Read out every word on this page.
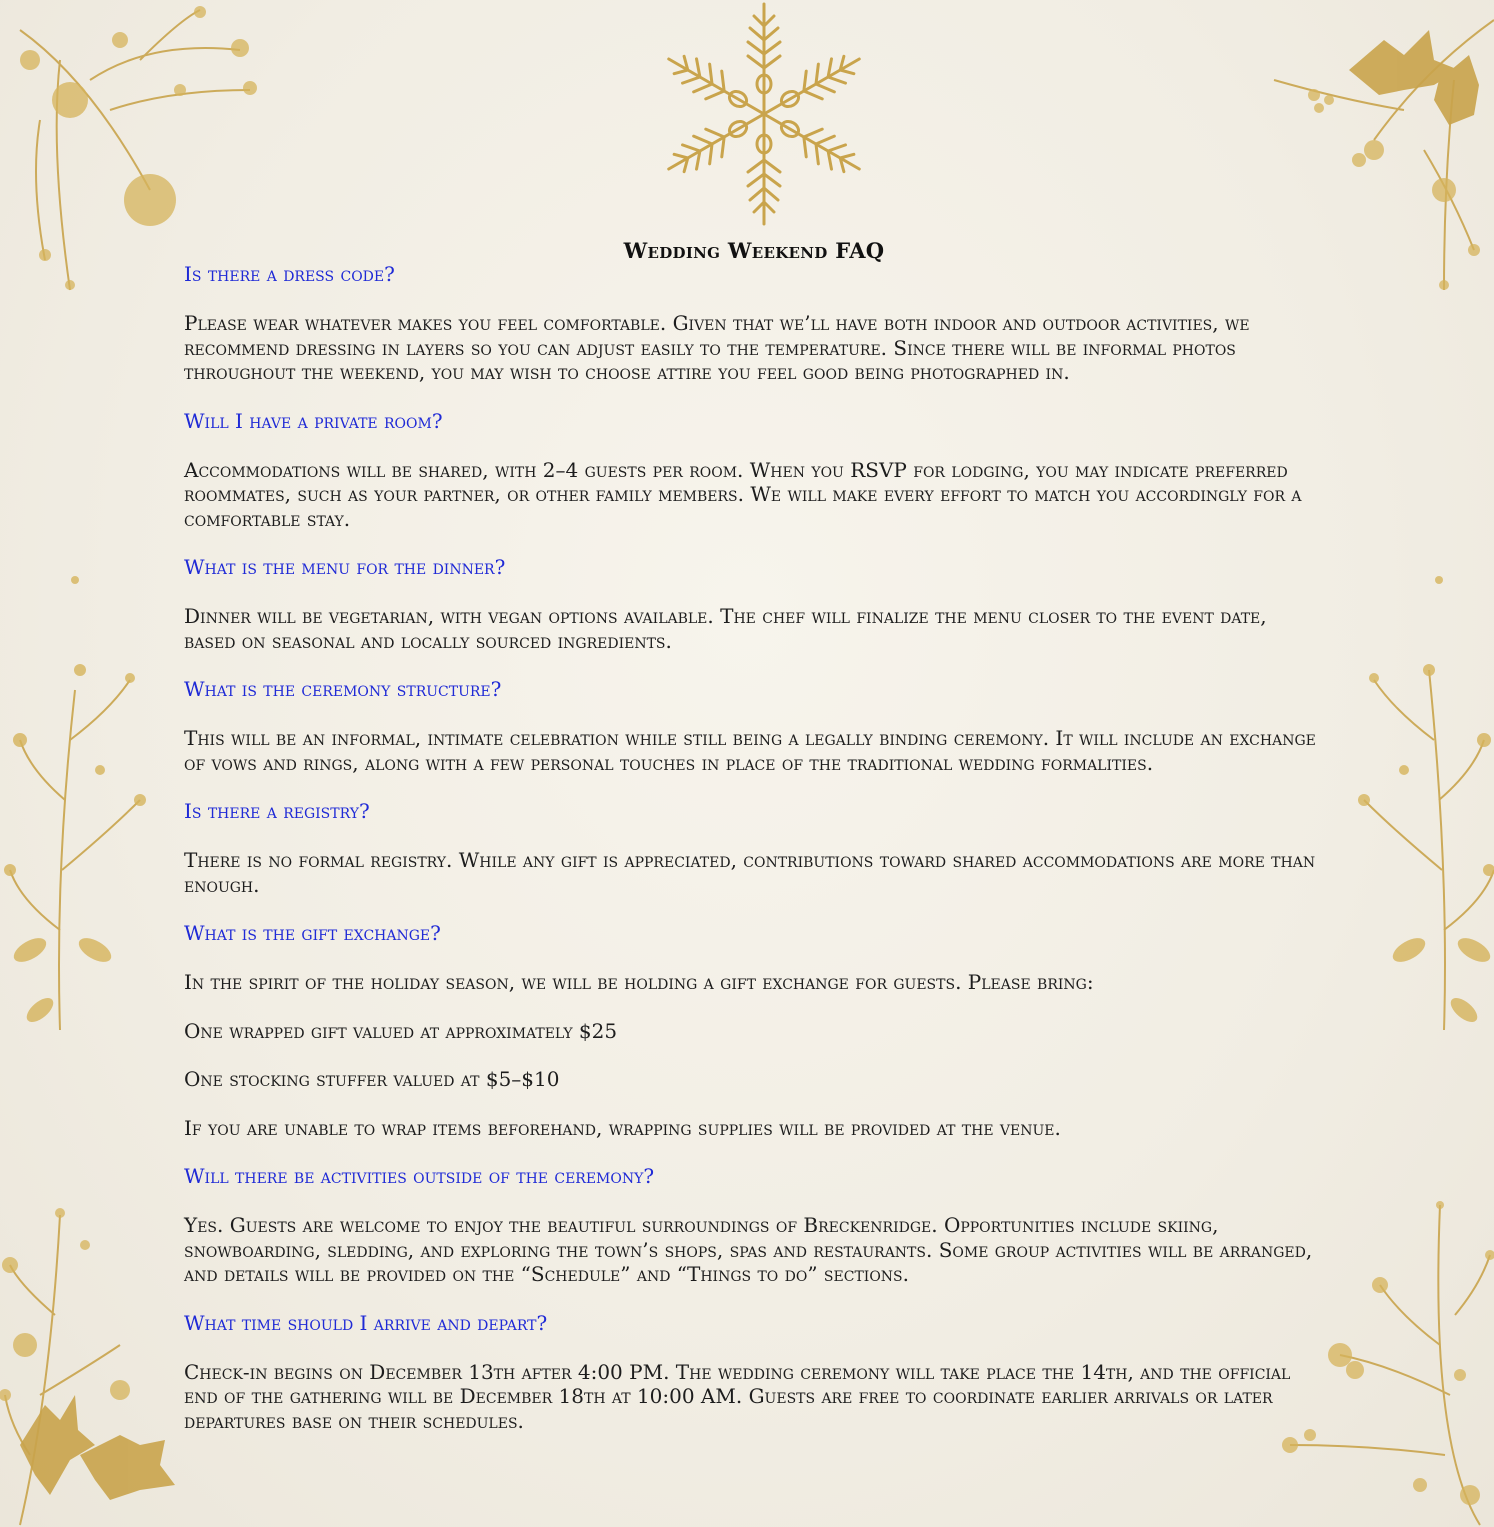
Wedding Weekend FAQ
Is there a dress code?

Please wear whatever makes you feel comfortable. Given that we’ll have both indoor and outdoor activities, we recommend dressing in layers so you can adjust easily to the temperature. Since there will be informal photos throughout the weekend, you may wish to choose attire you feel good being photographed in.

Will I have a private room?

Accommodations will be shared, with 2–4 guests per room. When you RSVP for lodging, you may indicate preferred roommates, such as your partner, or other family members. We will make every effort to match you accordingly for a comfortable stay.

What is the menu for the dinner?

Dinner will be vegetarian, with vegan options available. The chef will finalize the menu closer to the event date, based on seasonal and locally sourced ingredients.

What is the ceremony structure?

This will be an informal, intimate celebration while still being a legally binding ceremony. It will include an exchange of vows and rings, along with a few personal touches in place of the traditional wedding formalities.

Is there a registry?

There is no formal registry. While any gift is appreciated, contributions toward shared accommodations are more than enough.

What is the gift exchange?

In the spirit of the holiday season, we will be holding a gift exchange for guests. Please bring:

One wrapped gift valued at approximately $25

One stocking stuffer valued at $5–$10

If you are unable to wrap items beforehand, wrapping supplies will be provided at the venue.

Will there be activities outside of the ceremony?

Yes. Guests are welcome to enjoy the beautiful surroundings of Breckenridge. Opportunities include skiing, snowboarding, sledding, and exploring the town’s shops, spas and restaurants. Some group activities will be arranged, and details will be provided on the “Schedule” and “Things to do” sections.

What time should I arrive and depart?

Check-in begins on December 13th after 4:00 PM. The wedding ceremony will take place the 14th, and the official end of the gathering will be December 18th at 10:00 AM. Guests are free to coordinate earlier arrivals or later departures base on their schedules.
